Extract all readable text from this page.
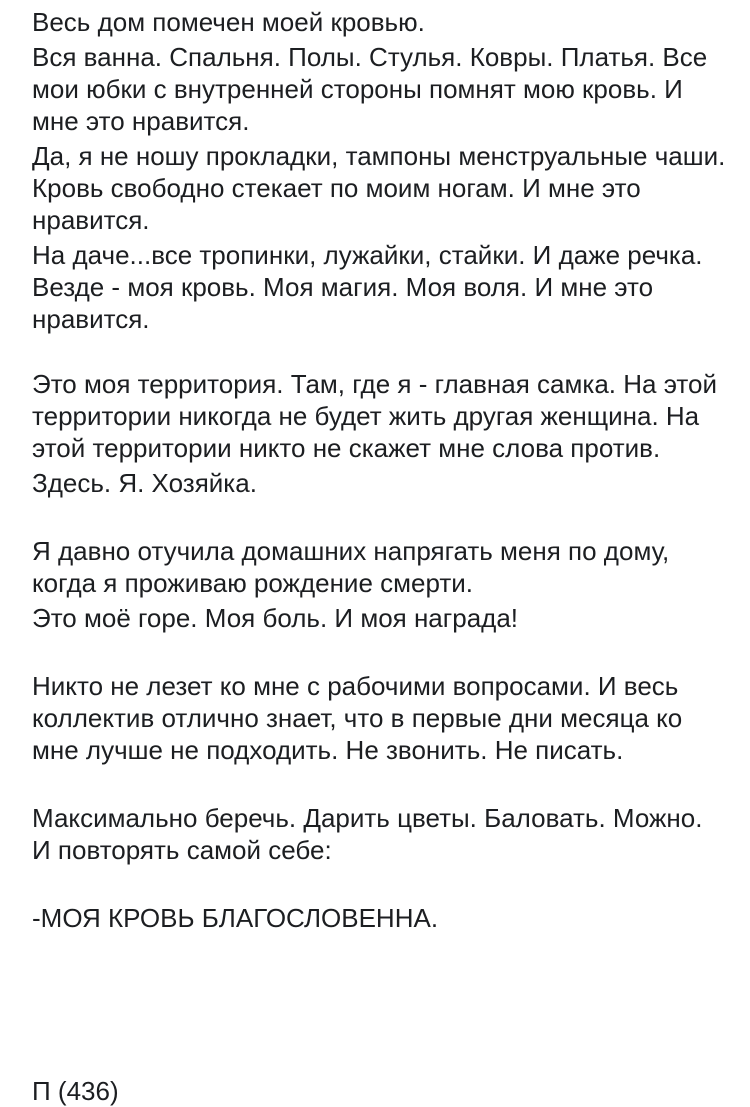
Весь дом помечен моей кровью.

Вся ванна. Спальня. Полы. Стулья. Ковры. Платья. Все мои юбки с внутренней стороны помнят мою кровь. И мне это нравится.

Да, я не ношу прокладки, тампоны менструальные чаши. Кровь свободно стекает по моим ногам. И мне это нравится.

На даче...все тропинки, лужайки, стайки. И даже речка. Везде - моя кровь. Моя магия. Моя воля. И мне это нравится.

Это моя территория. Там, где я - главная самка. На этой территории никогда не будет жить другая женщина. На этой территории никто не скажет мне слова против.

Здесь. Я. Хозяйка.

Я давно отучила домашних напрягать меня по дому, когда я проживаю рождение смерти.

Это моё горе. Моя боль. И моя награда!

Никто не лезет ко мне с рабочими вопросами. И весь коллектив отлично знает, что в первые дни месяца ко мне лучше не подходить. Не звонить. Не писать.

Максимально беречь. Дарить цветы. Баловать. Можно.

И повторять самой себе:

-МОЯ КРОВЬ БЛАГОСЛОВЕННА.

П (436)
